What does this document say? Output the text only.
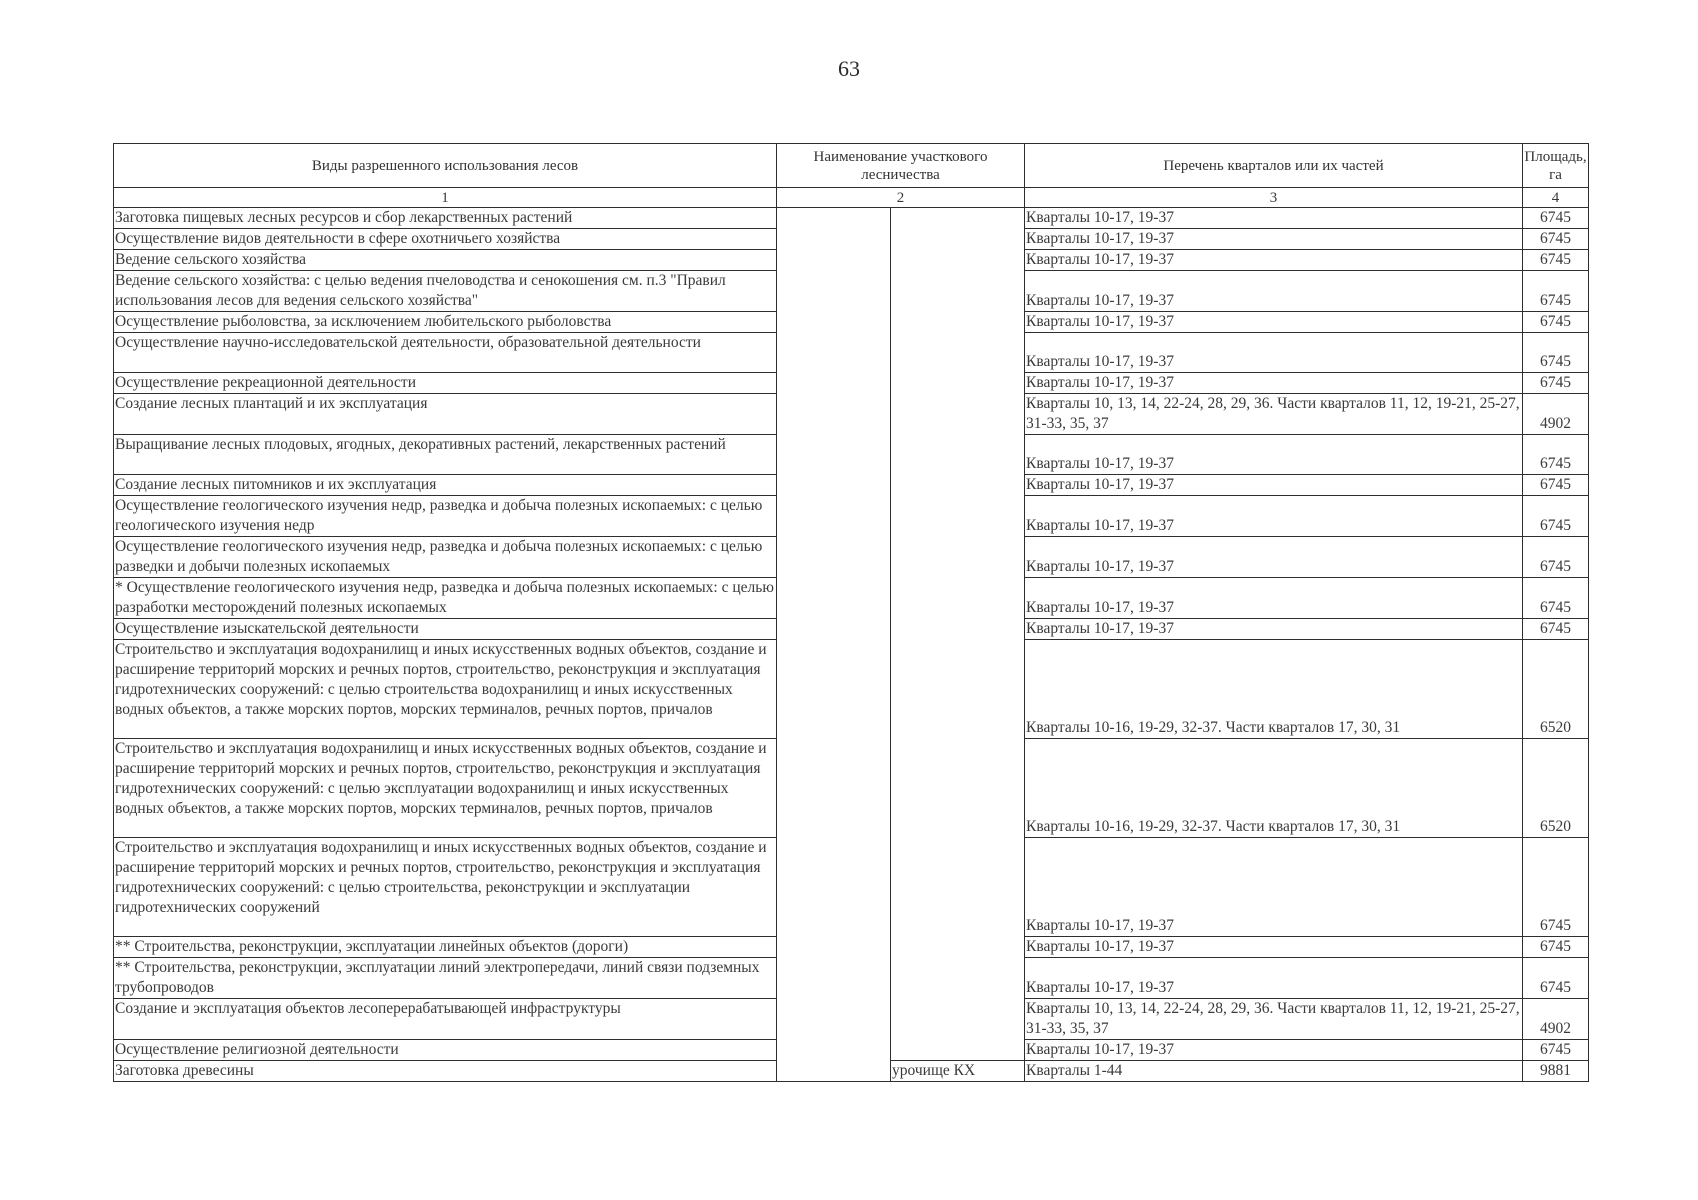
63
Виды разрешенного использования лесов	Наименование участкового лесничества		Перечень кварталов или их частей	Площадь, га
1	2		3	4
Заготовка пищевых лесных ресурсов и сбор лекарственных растений			Кварталы 10-17, 19-37	6745
Осуществление видов деятельности в сфере охотничьего хозяйства			Кварталы 10-17, 19-37	6745
Ведение сельского хозяйства			Кварталы 10-17, 19-37	6745
Ведение сельского хозяйства: с целью ведения пчеловодства и сенокошения см. п.3 "Правил использования лесов для ведения сельского хозяйства"			Кварталы 10-17, 19-37	6745
Осуществление рыболовства, за исключением любительского рыболовства			Кварталы 10-17, 19-37	6745
Осуществление научно-исследовательской деятельности, образовательной деятельности			Кварталы 10-17, 19-37	6745
Осуществление рекреационной деятельности			Кварталы 10-17, 19-37	6745
Создание лесных плантаций и их эксплуатация			Кварталы 10, 13, 14, 22-24, 28, 29, 36. Части кварталов 11, 12, 19-21, 25-27, 31-33, 35, 37	4902
Выращивание лесных плодовых, ягодных, декоративных растений, лекарственных растений			Кварталы 10-17, 19-37	6745
Создание лесных питомников и их эксплуатация			Кварталы 10-17, 19-37	6745
Осуществление геологического изучения недр, разведка и добыча полезных ископаемых: с целью геологического изучения недр			Кварталы 10-17, 19-37	6745
Осуществление геологического изучения недр, разведка и добыча полезных ископаемых: с целью разведки и добычи полезных ископаемых			Кварталы 10-17, 19-37	6745
* Осуществление геологического изучения недр, разведка и добыча полезных ископаемых: с целью разработки месторождений полезных ископаемых			Кварталы 10-17, 19-37	6745
Осуществление изыскательской деятельности			Кварталы 10-17, 19-37	6745
Строительство и эксплуатация водохранилищ и иных искусственных водных объектов, создание и расширение территорий морских и речных портов, строительство, реконструкция и эксплуатация гидротехнических сооружений: с целью строительства водохранилищ и иных искусственных водных объектов, а также морских портов, морских терминалов, речных портов, причалов			Кварталы 10-16, 19-29, 32-37. Части кварталов 17, 30, 31	6520
Строительство и эксплуатация водохранилищ и иных искусственных водных объектов, создание и расширение территорий морских и речных портов, строительство, реконструкция и эксплуатация гидротехнических сооружений: с целью эксплуатации водохранилищ и иных искусственных водных объектов, а также морских портов, морских терминалов, речных портов, причалов			Кварталы 10-16, 19-29, 32-37. Части кварталов 17, 30, 31	6520
Строительство и эксплуатация водохранилищ и иных искусственных водных объектов, создание и расширение территорий морских и речных портов, строительство, реконструкция и эксплуатация гидротехнических сооружений: с целью строительства, реконструкции и эксплуатации гидротехнических сооружений			Кварталы 10-17, 19-37	6745
** Строительства, реконструкции, эксплуатации линейных объектов (дороги)			Кварталы 10-17, 19-37	6745
** Строительства, реконструкции, эксплуатации линий электропередачи, линий связи подземных трубопроводов			Кварталы 10-17, 19-37	6745
Создание и эксплуатация объектов лесоперерабатывающей инфраструктуры			Кварталы 10, 13, 14, 22-24, 28, 29, 36. Части кварталов 11, 12, 19-21, 25-27, 31-33, 35, 37	4902
Осуществление религиозной деятельности			Кварталы 10-17, 19-37	6745
Заготовка древесины		урочище КХ	Кварталы 1-44	9881
